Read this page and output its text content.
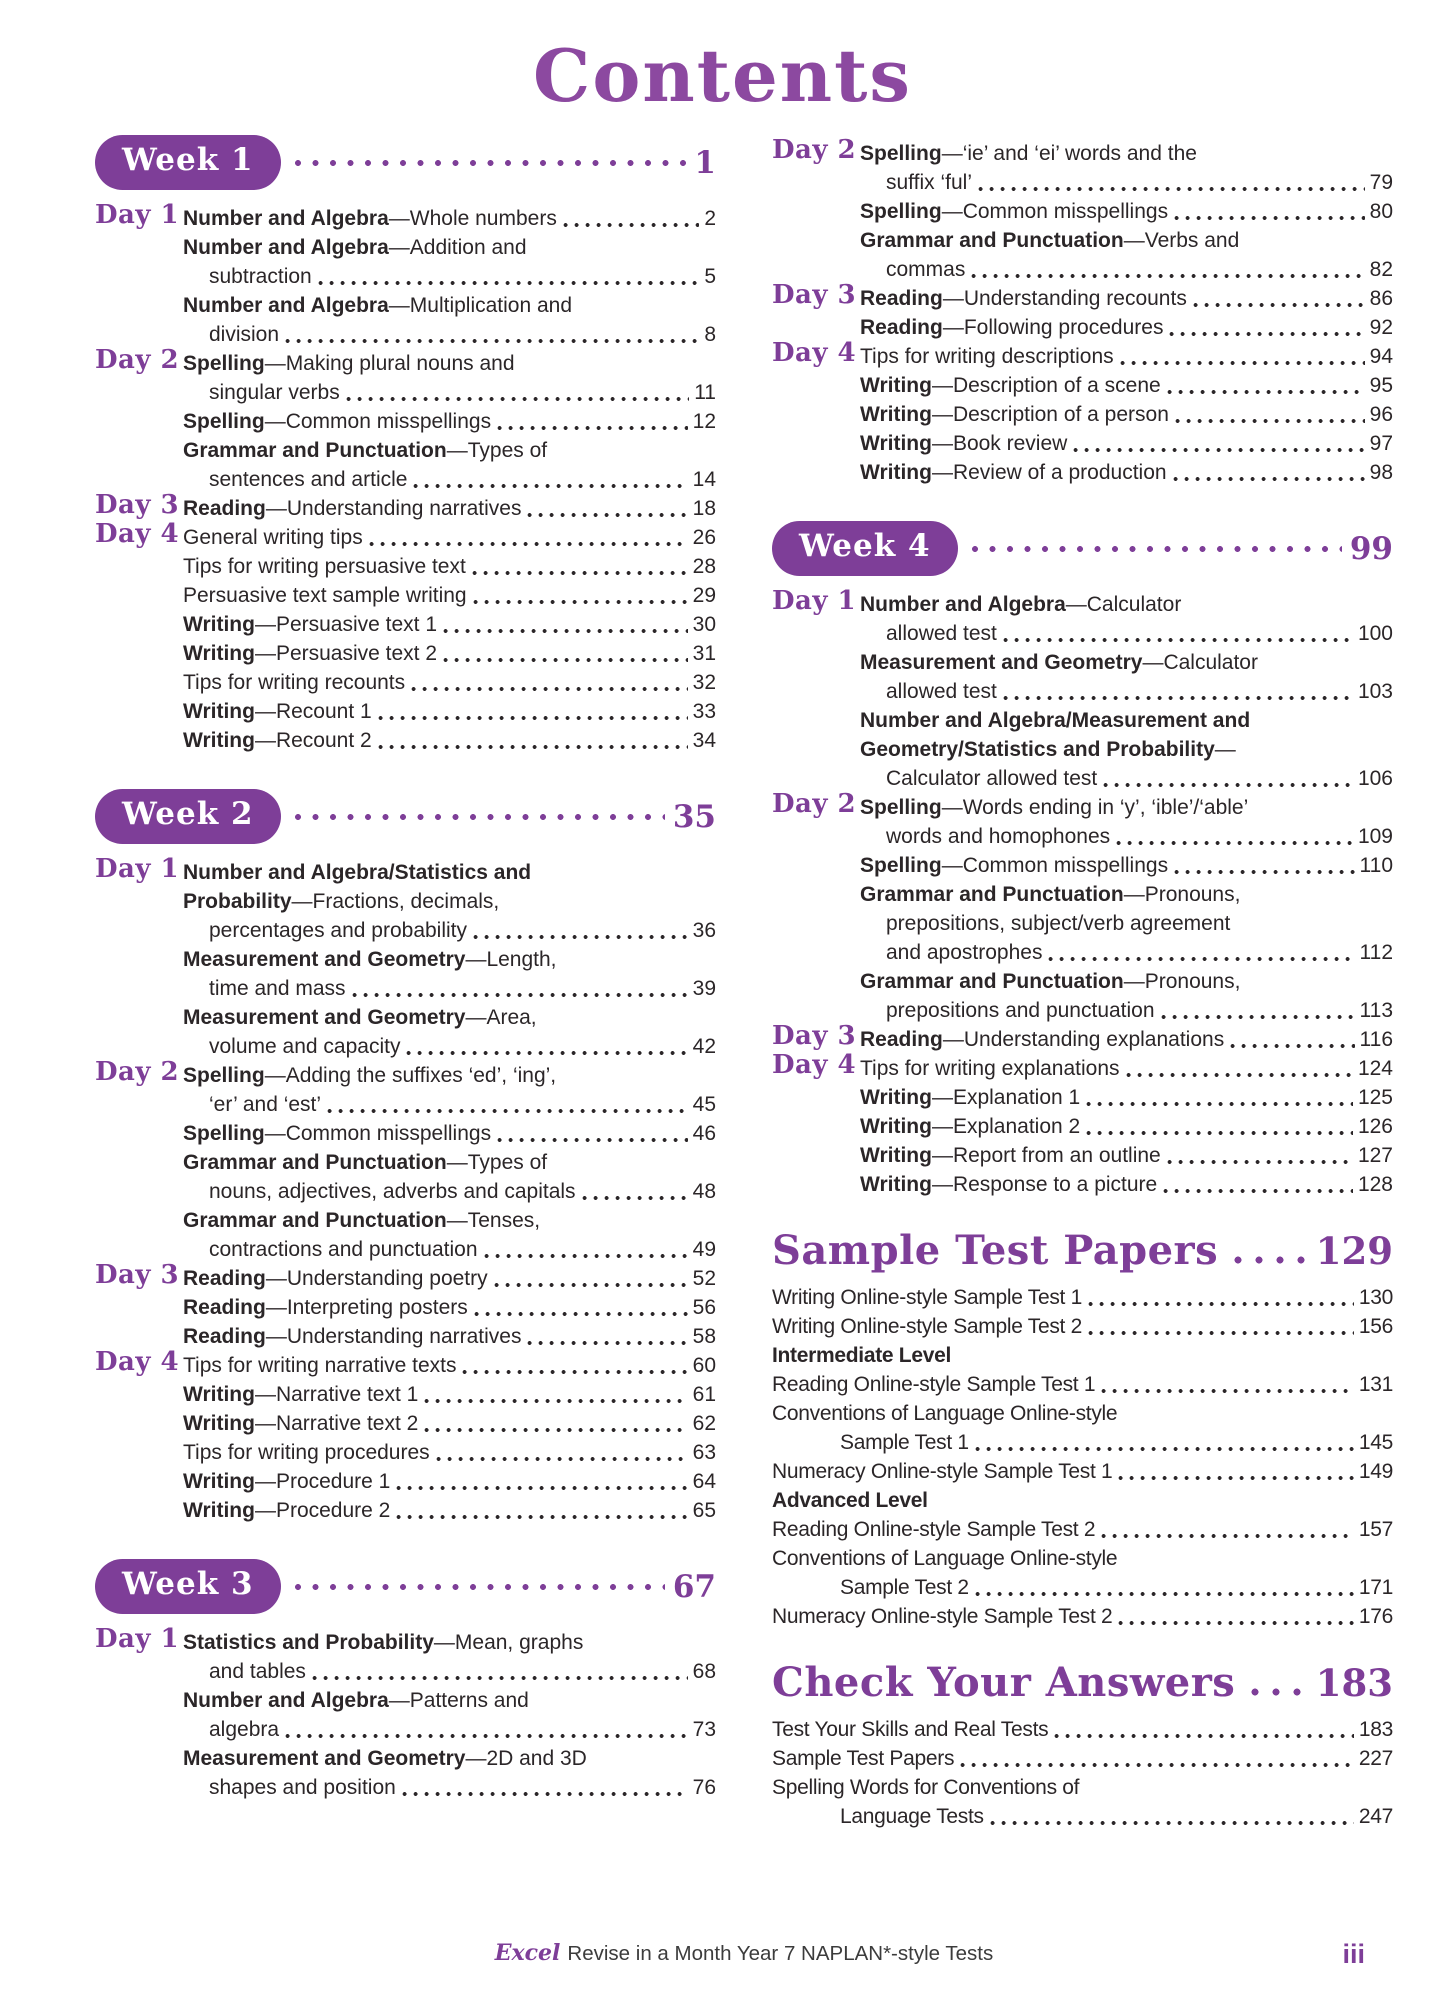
Contents
Week 1	1
Day 1 Number and Algebra—Whole numbers	2
Number and Algebra—Addition and
subtraction	5
Number and Algebra—Multiplication and
division	8
Day 2 Spelling—Making plural nouns and
singular verbs	11
Spelling—Common misspellings	12
Grammar and Punctuation—Types of
sentences and article	14
Day 3 Reading—Understanding narratives	18
Day 4 General writing tips	26
Tips for writing persuasive text	28
Persuasive text sample writing	29
Writing—Persuasive text 1	30
Writing—Persuasive text 2	31
Tips for writing recounts	32
Writing—Recount 1	33
Writing—Recount 2	34
Week 2	35
Day 1 Number and Algebra/Statistics and
Probability—Fractions, decimals,
percentages and probability	36
Measurement and Geometry—Length,
time and mass	39
Measurement and Geometry—Area,
volume and capacity	42
Day 2 Spelling—Adding the suffixes ‘ed’, ‘ing’,
‘er’ and ‘est’	45
Spelling—Common misspellings	46
Grammar and Punctuation—Types of
nouns, adjectives, adverbs and capitals	48
Grammar and Punctuation—Tenses,
contractions and punctuation	49
Day 3 Reading—Understanding poetry	52
Reading—Interpreting posters	56
Reading—Understanding narratives	58
Day 4 Tips for writing narrative texts	60
Writing—Narrative text 1	61
Writing—Narrative text 2	62
Tips for writing procedures	63
Writing—Procedure 1	64
Writing—Procedure 2	65
Week 3	67
Day 1 Statistics and Probability—Mean, graphs
and tables	68
Number and Algebra—Patterns and
algebra	73
Measurement and Geometry—2D and 3D
shapes and position	76
Day 2 Spelling—‘ie’ and ‘ei’ words and the
suffix ‘ful’	79
Spelling—Common misspellings	80
Grammar and Punctuation—Verbs and
commas	82
Day 3 Reading—Understanding recounts	86
Reading—Following procedures	92
Day 4 Tips for writing descriptions	94
Writing—Description of a scene	95
Writing—Description of a person	96
Writing—Book review	97
Writing—Review of a production	98
Week 4	99
Day 1 Number and Algebra—Calculator
allowed test	100
Measurement and Geometry—Calculator
allowed test	103
Number and Algebra/Measurement and
Geometry/Statistics and Probability—
Calculator allowed test	106
Day 2 Spelling—Words ending in ‘y’, ‘ible’/‘able’
words and homophones	109
Spelling—Common misspellings	110
Grammar and Punctuation—Pronouns,
prepositions, subject/verb agreement
and apostrophes	112
Grammar and Punctuation—Pronouns,
prepositions and punctuation	113
Day 3 Reading—Understanding explanations	116
Day 4 Tips for writing explanations	124
Writing—Explanation 1	125
Writing—Explanation 2	126
Writing—Report from an outline	127
Writing—Response to a picture	128
Sample Test Papers	129
Writing Online-style Sample Test 1	130
Writing Online-style Sample Test 2	156
Intermediate Level
Reading Online-style Sample Test 1	131
Conventions of Language Online-style
Sample Test 1	145
Numeracy Online-style Sample Test 1	149
Advanced Level
Reading Online-style Sample Test 2	157
Conventions of Language Online-style
Sample Test 2	171
Numeracy Online-style Sample Test 2	176
Check Your Answers 183
Test Your Skills and Real Tests	183
Sample Test Papers	227
Spelling Words for Conventions of
Language Tests	247
Excel Revise in a Month Year 7 NAPLAN*-style Tests	iii
